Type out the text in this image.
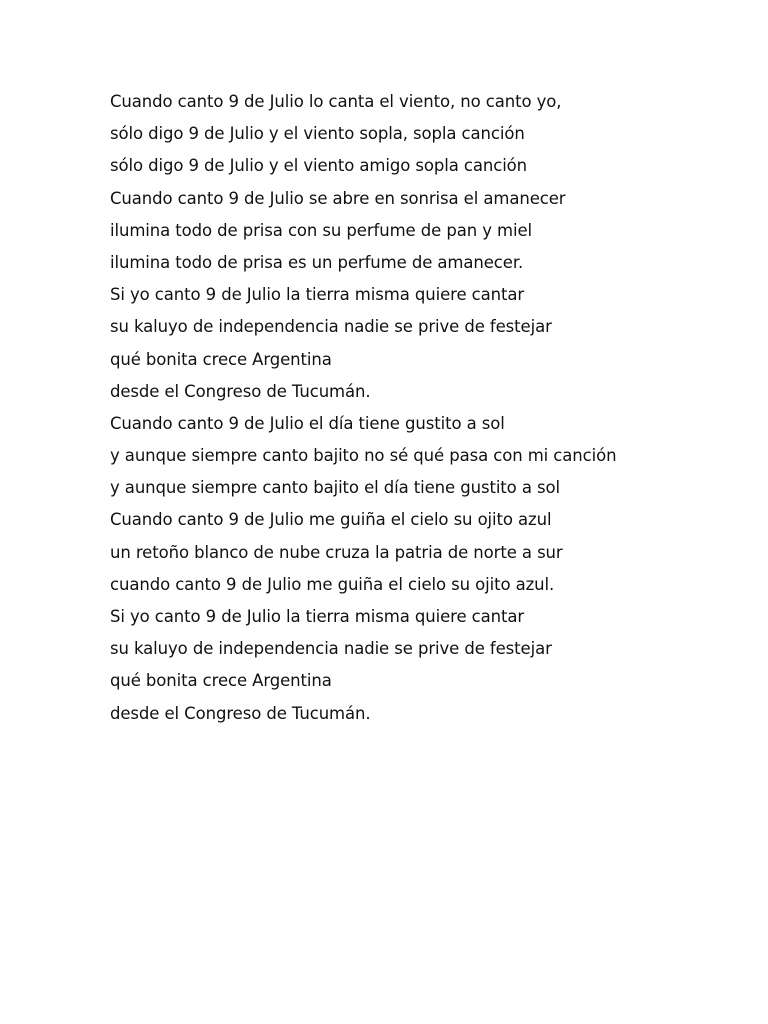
Cuando canto 9 de Julio lo canta el viento, no canto yo,
sólo digo 9 de Julio y el viento sopla, sopla canción
sólo digo 9 de Julio y el viento amigo sopla canción
Cuando canto 9 de Julio se abre en sonrisa el amanecer
ilumina todo de prisa con su perfume de pan y miel
ilumina todo de prisa es un perfume de amanecer.
Si yo canto 9 de Julio la tierra misma quiere cantar
su kaluyo de independencia nadie se prive de festejar
qué bonita crece Argentina
desde el Congreso de Tucumán.
Cuando canto 9 de Julio el día tiene gustito a sol
y aunque siempre canto bajito no sé qué pasa con mi canción
y aunque siempre canto bajito el día tiene gustito a sol
Cuando canto 9 de Julio me guiña el cielo su ojito azul
un retoño blanco de nube cruza la patria de norte a sur
cuando canto 9 de Julio me guiña el cielo su ojito azul.
Si yo canto 9 de Julio la tierra misma quiere cantar
su kaluyo de independencia nadie se prive de festejar
qué bonita crece Argentina
desde el Congreso de Tucumán.
